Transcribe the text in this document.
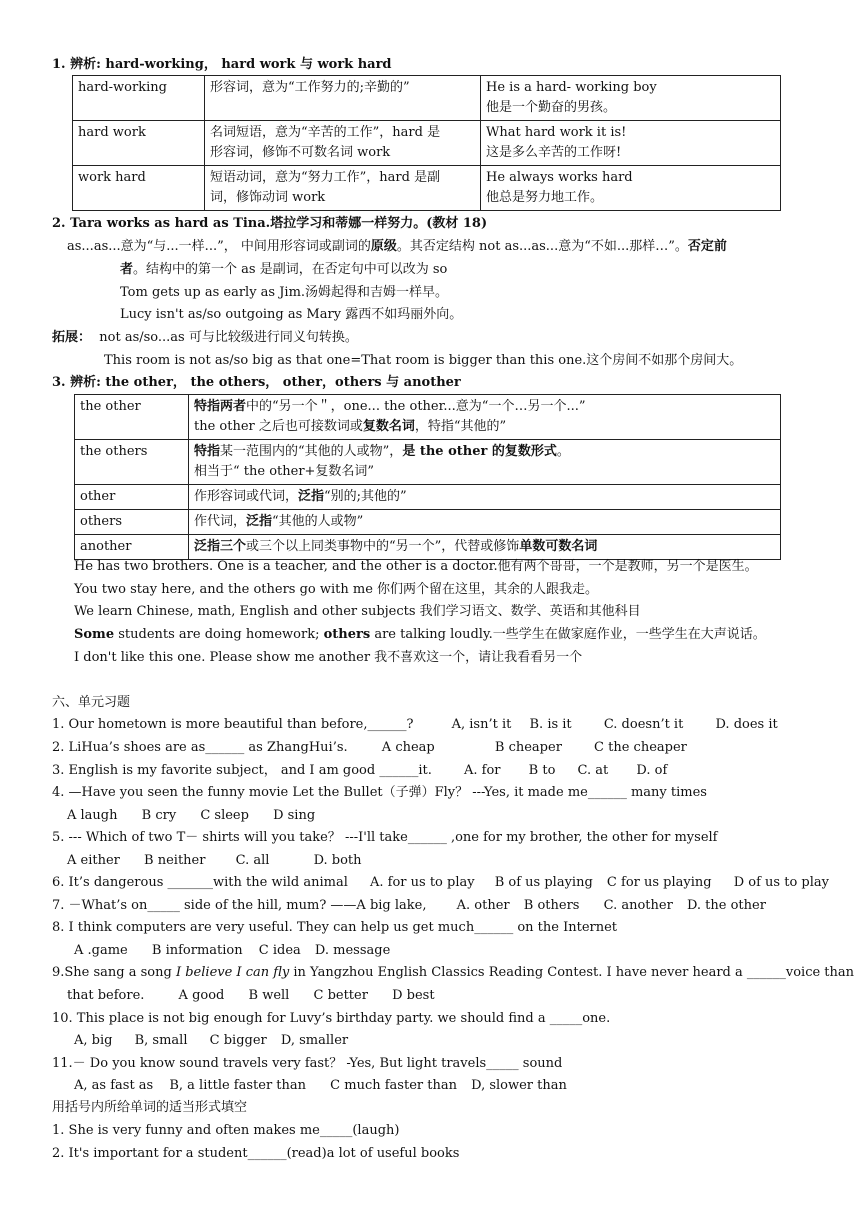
1. 辨析: hard-working， hard work 与 work hard
hard-working	形容词，意为“工作努力的;辛勤的”	He is a hard- working boy
他是一个勤奋的男孩。

hard work	名词短语，意为“辛苦的工作”，hard 是
形容词，修饰不可数名词 work	What hard work it is!
这是多么辛苦的工作呀!

work hard	短语动词，意为“努力工作”，hard 是副
词，修饰动词 work	He always works hard
他总是努力地工作。
2. Tara works as hard as Tina.塔拉学习和蒂娜一样努力。(教材 18)
as...as...意为“与...一样...”， 中间用形容词或副词的原级。其否定结构 not as...as...意为“不如...那样…”。否定前
者。结构中的第一个 as 是副词，在否定句中可以改为 so
Tom gets up as early as Jim.汤姆起得和吉姆一样早。
Lucy isn't as/so outgoing as Mary 露西不如玛丽外向。
拓展： not as/so...as 可与比较级进行同义句转换。
This room is not as/so big as that one=That room is bigger than this one.这个房间不如那个房间大。
3. 辨析: the other， the others， other，others 与 another
the other	特指两者中的“另一个＂，one... the other...意为“一个…另一个...”
the other 之后也可接数词或复数名词，特指“其他的”

the others	特指某一范围内的“其他的人或物”，是 the other 的复数形式。
相当于“ the other+复数名词”

other	作形容词或代词，泛指“别的;其他的”
others	作代词，泛指“其他的人或物”
another	泛指三个或三个以上同类事物中的“另一个”，代替或修饰单数可数名词
He has two brothers. One is a teacher, and the other is a doctor.他有两个哥哥，一个是教师，另一个是医生。
You two stay here, and the others go with me 你们两个留在这里，其余的人跟我走。
We learn Chinese, math, English and other subjects 我们学习语文、数学、英语和其他科目
Some students are doing homework; others are talking loudly.一些学生在做家庭作业，一些学生在大声说话。
I don't like this one. Please show me another 我不喜欢这一个，请让我看看另一个
六、单元习题
1. Our hometown is more beautiful than before,______?	A, isn’t it B. is it C. doesn’t it D. does it
2. LiHua’s shoes are as______ as ZhangHui’s.	A cheap	B cheaper C the cheaper
3. English is my favorite subject， and I am good ______it. A. for B to C. at D. of
4. —Have you seen the funny movie Let the Bullet（子弹）Fly？ ---Yes, it made me______ many times
A laugh B cry C sleep D sing
5. --- Which of two T－ shirts will you take？ ---I'll take______ ,one for my brother, the other for myself
A either B neither C. all	D. both
6. It’s dangerous _______with the wild animal A. for us to play B of us playing C for us playing D of us to play
7. －What’s on_____ side of the hill, mum? ——A big lake, A. other B others C. another D. the other
8. I think computers are very useful. They can help us get much______ on the Internet
A .game B information C idea D. message
9.She sang a song I believe I can fly in Yangzhou English Classics Reading Contest. I have never heard a ______voice than
that before.	A good B well C better D best
10. This place is not big enough for Luvy’s birthday party. we should find a _____one.
A, big B, small C bigger D, smaller
11.－ Do you know sound travels very fast？ -Yes, But light travels_____ sound
A, as fast as B, a little faster than C much faster than D, slower than
用括号内所给单词的适当形式填空
1. She is very funny and often makes me_____(laugh)
2. It's important for a student______(read)a lot of useful books
